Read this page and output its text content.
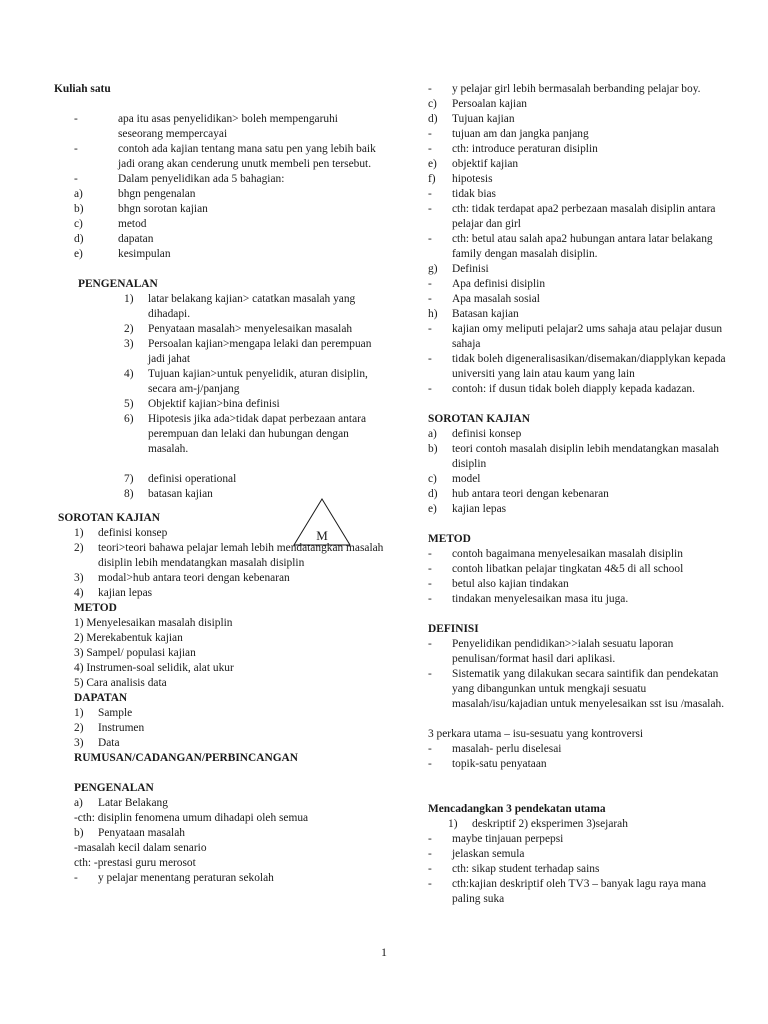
Kuliah satu
-	apa itu asas penyelidikan> boleh mempengaruhi seseorang mempercayai
-	contoh ada kajian tentang mana satu pen yang lebih baik jadi orang akan cenderung unutk membeli pen tersebut.
-	Dalam penyelidikan ada 5 bahagian:
a)	bhgn pengenalan
b)	bhgn sorotan kajian
c)	metod
d)	dapatan
e)	kesimpulan
PENGENALAN
1)	latar belakang kajian> catatkan masalah yang dihadapi.
2)	Penyataan masalah> menyelesaikan masalah
3)	Persoalan kajian>mengapa lelaki dan perempuan jadi jahat
4)	Tujuan kajian>untuk penyelidik, aturan disiplin, secara am-j/panjang
5)	Objektif kajian>bina definisi
6)	Hipotesis jika ada>tidak dapat perbezaan antara perempuan dan lelaki dan hubungan dengan masalah.
7)	definisi operational
8)	batasan kajian
SOROTAN KAJIAN
1)	definisi konsep
2)	teori>teori bahawa pelajar lemah lebih mendatangkan masalah disiplin lebih mendatangkan masalah disiplin
3)	modal>hub antara teori dengan kebenaran
4)	kajian lepas
METOD
1) Menyelesaikan masalah disiplin
2) Merekabentuk kajian
3) Sampel/ populasi kajian
4) Instrumen-soal selidik, alat ukur
5) Cara analisis data
DAPATAN
1)	Sample
2)	Instrumen
3)	Data
RUMUSAN/CADANGAN/PERBINCANGAN
PENGENALAN
a)	Latar Belakang
-cth: disiplin fenomena umum dihadapi oleh semua
b)	Penyataan masalah
-masalah kecil dalam senario
cth: -prestasi guru merosot
-	y pelajar menentang peraturan sekolah
-	y pelajar girl lebih bermasalah berbanding pelajar boy.
c)	Persoalan kajian
d)	Tujuan kajian
-	tujuan am dan jangka panjang
-	cth: introduce peraturan disiplin
e)	objektif kajian
f)	hipotesis
-	tidak bias
-	cth: tidak terdapat apa2 perbezaan masalah disiplin antara pelajar dan girl
-	cth: betul atau salah apa2 hubungan antara latar belakang family dengan masalah disiplin.
g)	Definisi
-	Apa definisi disiplin
-	Apa masalah sosial
h)	Batasan kajian
-	kajian omy meliputi pelajar2 ums sahaja atau pelajar dusun sahaja
-	tidak boleh digeneralisasikan/disemakan/diapplykan kepada universiti yang lain atau kaum yang lain
-	contoh: if dusun tidak boleh diapply kepada kadazan.
SOROTAN KAJIAN
a)	definisi konsep
b)	teori contoh masalah disiplin lebih mendatangkan masalah disiplin
c)	model
d)	hub antara teori dengan kebenaran
e)	kajian lepas
METOD
-	contoh bagaimana menyelesaikan masalah disiplin
-	contoh libatkan pelajar tingkatan 4&5 di all school
-	betul also kajian tindakan
-	tindakan menyelesaikan masa itu juga.
DEFINISI
-	Penyelidikan pendidikan>>ialah sesuatu laporan penulisan/format hasil dari aplikasi.
-	Sistematik yang dilakukan secara saintifik dan pendekatan yang dibangunkan untuk mengkaji sesuatu masalah/isu/kajadian untuk menyelesaikan sst isu /masalah.
3 perkara utama – isu-sesuatu yang kontroversi
-	masalah- perlu diselesai
-	topik-satu penyataan
Mencadangkan 3 pendekatan utama
1)	deskriptif 2) eksperimen 3)sejarah
-	maybe tinjauan perpepsi
-	jelaskan semula
-	cth: sikap student terhadap sains
-	cth:kajian deskriptif oleh TV3 – banyak lagu raya mana paling suka
M
1
